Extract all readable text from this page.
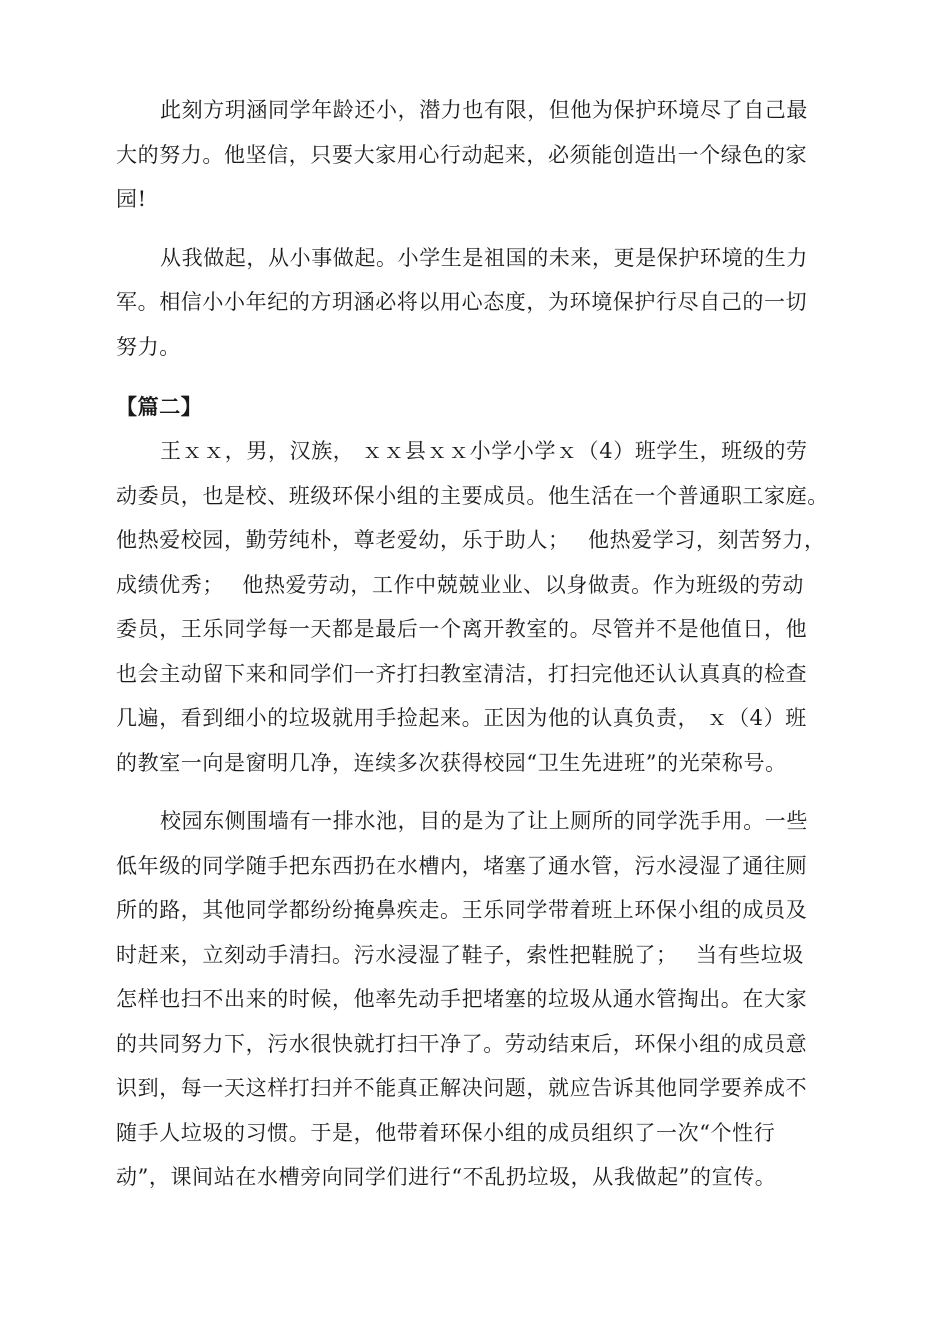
此刻方玥涵同学年龄还小，潜力也有限，但他为保护环境尽了自己最
大的努力。他坚信，只要大家用心行动起来，必须能创造出一个绿色的家
园!

从我做起，从小事做起。小学生是祖国的未来，更是保护环境的生力
军。相信小小年纪的方玥涵必将以用心态度，为环境保护行尽自己的一切
努力。

【篇二】

王ｘｘ，男，汉族， ｘｘ县ｘｘ小学小学ｘ（4）班学生，班级的劳
动委员，也是校、班级环保小组的主要成员。他生活在一个普通职工家庭。
他热爱校园，勤劳纯朴，尊老爱幼，乐于助人；　 他热爱学习，刻苦努力，
成绩优秀；　 他热爱劳动，工作中兢兢业业、以身做责。作为班级的劳动
委员，王乐同学每一天都是最后一个离开教室的。尽管并不是他值日，他
也会主动留下来和同学们一齐打扫教室清洁，打扫完他还认认真真的检查
几遍，看到细小的垃圾就用手捡起来。正因为他的认真负责， ｘ（4）班
的教室一向是窗明几净，连续多次获得校园“卫生先进班”的光荣称号。

校园东侧围墙有一排水池，目的是为了让上厕所的同学洗手用。一些
低年级的同学随手把东西扔在水槽内，堵塞了通水管，污水浸湿了通往厕
所的路，其他同学都纷纷掩鼻疾走。王乐同学带着班上环保小组的成员及
时赶来，立刻动手清扫。污水浸湿了鞋子，索性把鞋脱了；　 当有些垃圾
怎样也扫不出来的时候，他率先动手把堵塞的垃圾从通水管掏出。在大家
的共同努力下，污水很快就打扫干净了。劳动结束后，环保小组的成员意
识到，每一天这样打扫并不能真正解决问题，就应告诉其他同学要养成不
随手人垃圾的习惯。于是，他带着环保小组的成员组织了一次“个性行
动”，课间站在水槽旁向同学们进行“不乱扔垃圾，从我做起”的宣传。
